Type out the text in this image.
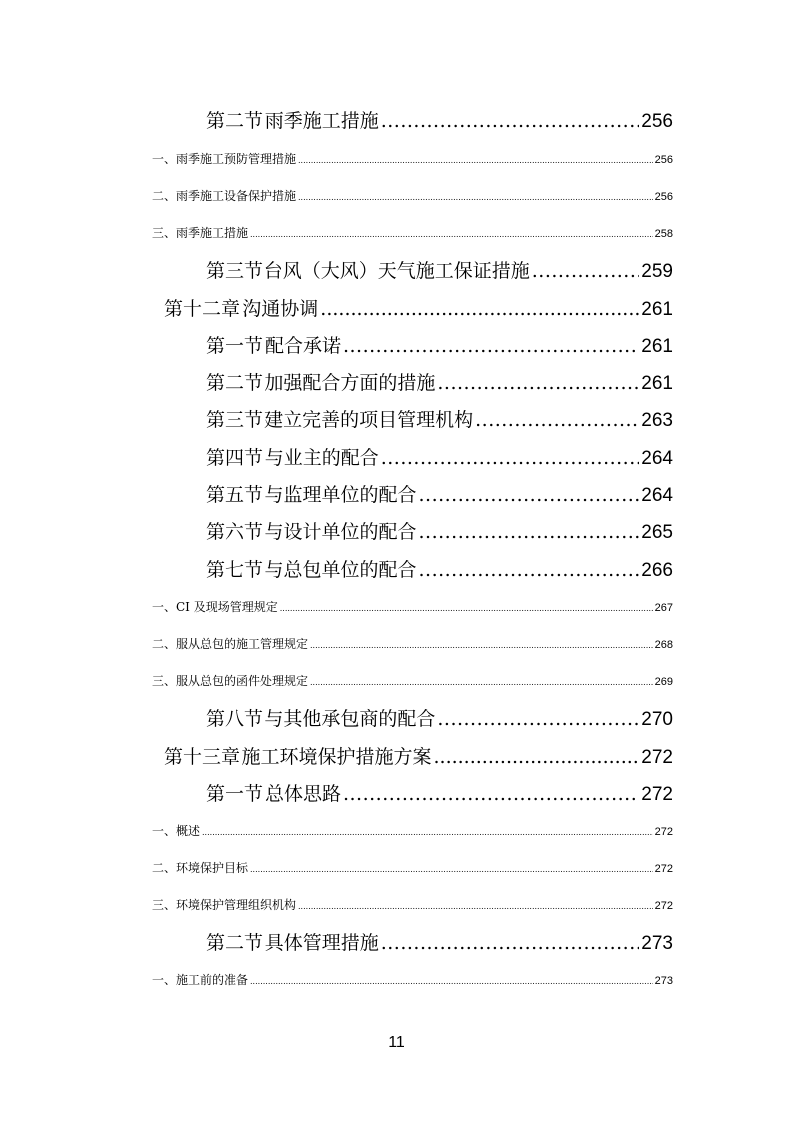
第二节 雨季施工措施 .....	256
一、雨季施工预防管理措施 .....	256
二、雨季施工设备保护措施 .....	256
三、雨季施工措施 .....	258
第三节 台风（大风）天气施工保证措施 .....	259
第十二章 沟通协调 .....	261
第一节 配合承诺 .....	261
第二节 加强配合方面的措施 .....	261
第三节 建立完善的项目管理机构 .....	263
第四节 与业主的配合 .....	264
第五节 与监理单位的配合 .....	264
第六节 与设计单位的配合 .....	265
第七节 与总包单位的配合 .....	266
一、CI 及现场管理规定 .....	267
二、服从总包的施工管理规定 .....	268
三、服从总包的函件处理规定 .....	269
第八节 与其他承包商的配合 .....	270
第十三章 施工环境保护措施方案 .....	272
第一节 总体思路 .....	272
一、概述 .....	272
二、环境保护目标 .....	272
三、环境保护管理组织机构 .....	272
第二节 具体管理措施 .....	273
一、施工前的准备 .....	273
11
